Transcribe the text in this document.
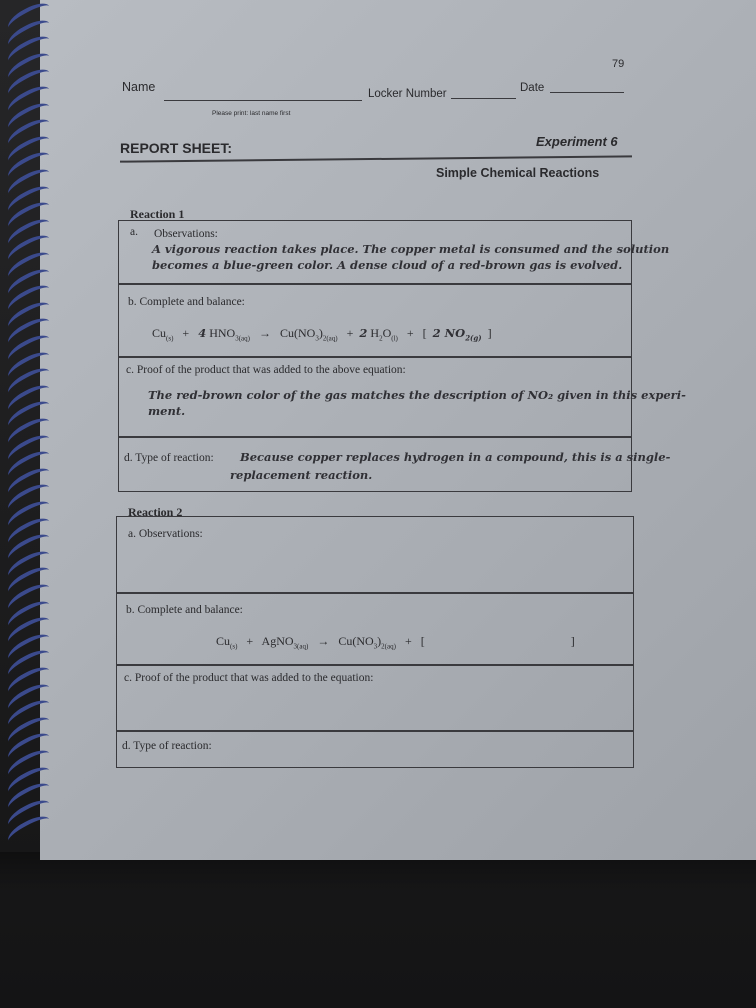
79
Name
Please print: last name first
Locker Number	Date
REPORT SHEET:	Experiment 6
Simple Chemical Reactions
Reaction 1
a. Observations:
A vigorous reaction takes place. The copper metal is consumed and the solution
becomes a blue-green color. A dense cloud of a red-brown gas is evolved.
b. Complete and balance:
$Cu_{(s)} + 4$ $HNO_{3(aq)} \to Cu(NO_3)_{2(aq)} + 2$ $H_2O_{(l)}$ + [ 2 $NO_{2(g)}$ ]
c. Proof of the product that was added to the above equation:
The red-brown color of the gas matches the description of NO₂ given in this experi-
ment.
d. Type of reaction: Because copper replaces hydrogen in a compound, this is a single-
replacement reaction.
Reaction 2
a. Observations:
b. Complete and balance:
$Cu_{(s)}$ + AgNO$_{3(aq)}$ → $Cu(NO_3)_{2(aq)}$ + [	]
c. Proof of the product that was added to the equation:
d. Type of reaction:
